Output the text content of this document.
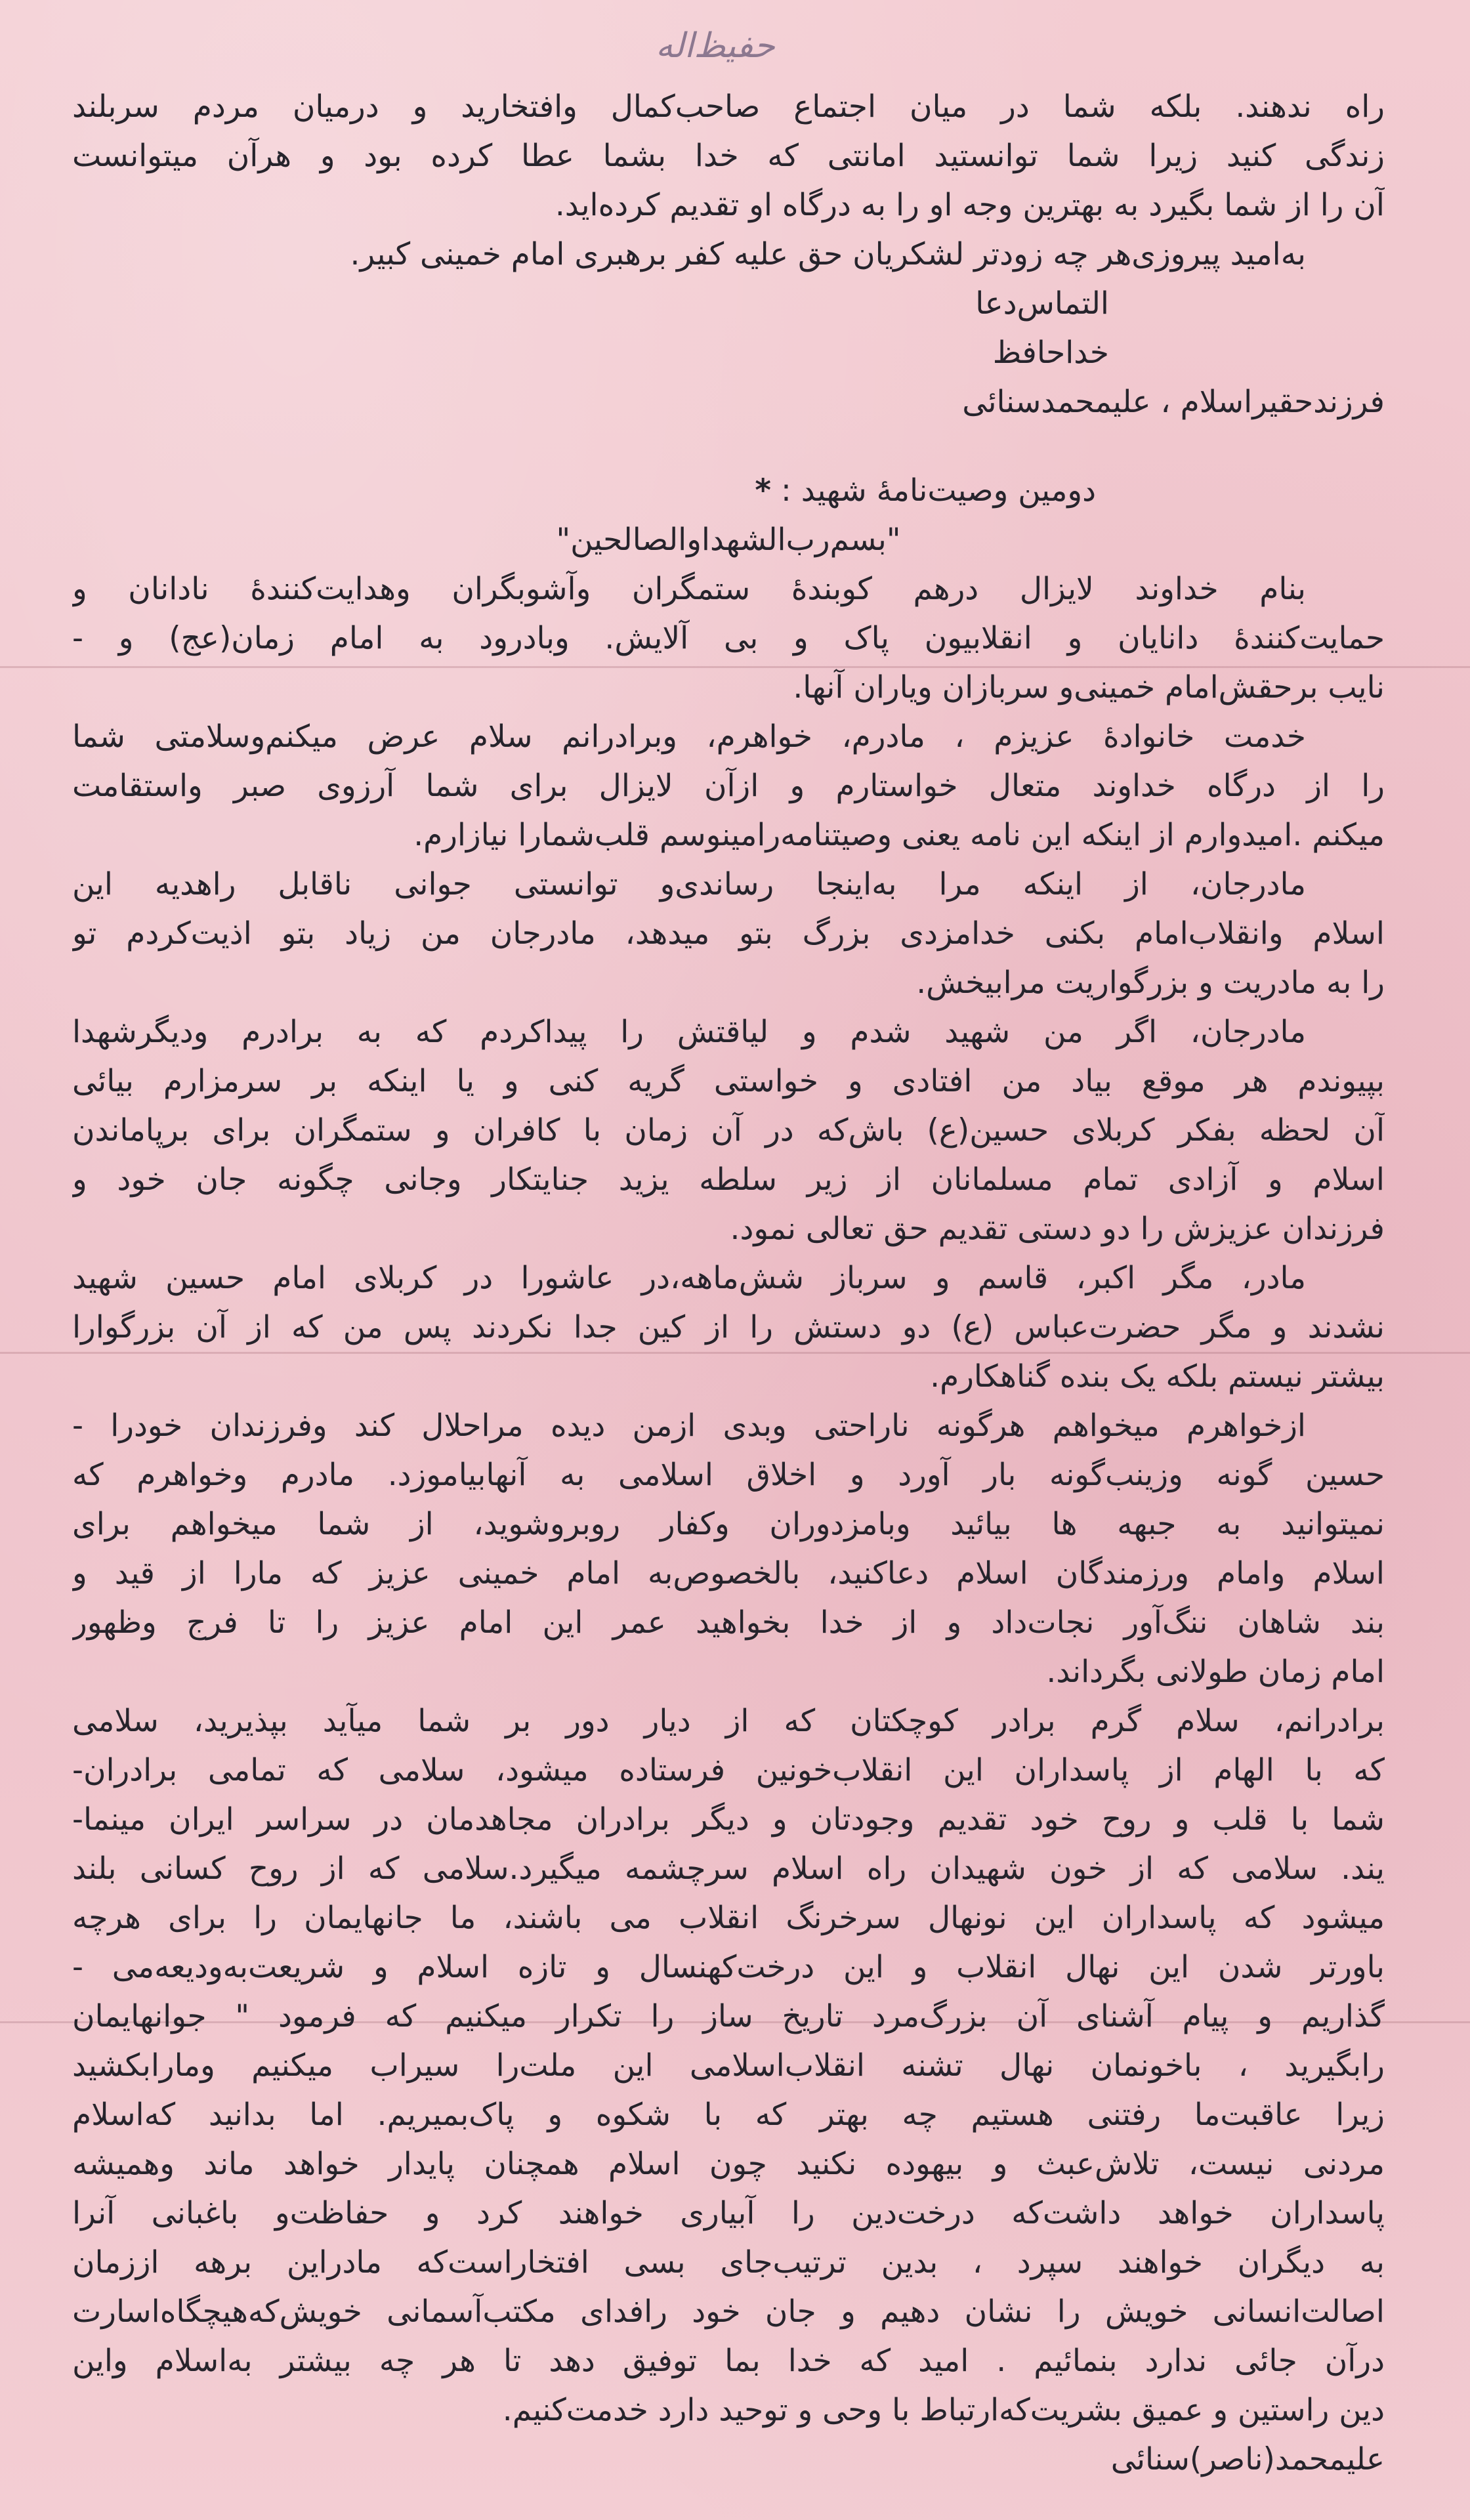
حفیظ‌اله
راه ندهند. بلکه شما در میان اجتماع صاحب‌کمال وافتخارید و درمیان مردم سربلند
زندگی کنید زیرا شما توانستید امانتی که خدا بشما عطا کرده بود و هرآن میتوانست
آن را از شما بگیرد به بهترین وجه او را به درگاه او تقدیم کرده‌اید.
به‌امید پیروزی‌هر چه زودتر لشکریان حق علیه کفر برهبری امام خمینی کبیر.
التماس‌دعا
خداحافظ
فرزندحقیراسلام ، علیمحمدسنائی
دومین وصیت‌نامهٔ شهید : *
"بسم‌رب‌الشهداوالصالحین"
بنام خداوند لایزال درهم کوبندهٔ ستمگران وآشوبگران وهدایت‌کنندهٔ نادانان و
حمایت‌کنندهٔ دانایان و انقلابیون پاک و بی آلایش. وبادرود به امام زمان(عج) و -
نایب برحقش‌امام خمینی‌و سربازان ویاران آنها.
خدمت خانوادهٔ عزیزم ، مادرم، خواهرم، وبرادرانم سلام عرض میکنم‌وسلامتی شما
را از درگاه خداوند متعال خواستارم و ازآن لایزال برای شما آرزوی صبر واستقامت
میکنم .امیدوارم از اینکه این نامه یعنی وصیتنامه‌رامینوسم قلب‌شمارا نیازارم.
مادرجان، از اینکه مرا به‌اینجا رساندی‌و توانستی جوانی ناقابل راهدیه این
اسلام وانقلاب‌امام بکنی خدامزدی بزرگ بتو میدهد، مادرجان من زیاد بتو اذیت‌کردم تو
را به مادریت و بزرگواریت مرابیخش.
مادرجان، اگر من شهید شدم و لیاقتش را پیداکردم که به برادرم ودیگرشهدا
بپیوندم هر موقع بیاد من افتادی و خواستی گریه کنی و یا اینکه بر سرمزارم بیائی
آن لحظه بفکر کربلای حسین(ع) باش‌که در آن زمان با کافران و ستمگران برای برپاماندن
اسلام و آزادی تمام مسلمانان از زیر سلطه یزید جنایتکار وجانی چگونه جان خود و
فرزندان عزیزش را دو دستی تقدیم حق تعالی نمود.
مادر، مگر اکبر، قاسم و سرباز شش‌ماهه،در عاشورا در کربلای امام حسین شهید
نشدند و مگر حضرت‌عباس (ع) دو دستش را از کین جدا نکردند پس من که از آن بزرگوارا
بیشتر نیستم بلکه یک بنده گناهکارم.
ازخواهرم میخواهم هرگونه ناراحتی وبدی ازمن دیده مراحلال کند وفرزندان خودرا -
حسین گونه وزینب‌گونه بار آورد و اخلاق اسلامی به آنهابیاموزد. مادرم وخواهرم که
نمیتوانید به جبهه ها بیائید وبامزدوران وکفار روبروشوید، از شما میخواهم برای
اسلام وامام ورزمندگان اسلام دعاکنید، بالخصوص‌به امام خمینی عزیز که مارا از قید و
بند شاهان ننگ‌آور نجات‌داد و از خدا بخواهید عمر این امام عزیز را تا فرج وظهور
امام زمان طولانی بگرداند.
برادرانم، سلام گرم برادر کوچکتان که از دیار دور بر شما میآید بپذیرید، سلامی
که با الهام از پاسداران این انقلاب‌خونین فرستاده میشود، سلامی که تمامی برادران-
شما با قلب و روح خود تقدیم وجودتان و دیگر برادران مجاهدمان در سراسر ایران مینما-
یند. سلامی که از خون شهیدان راه اسلام سرچشمه میگیرد.سلامی که از روح کسانی بلند
میشود که پاسداران این نونهال سرخرنگ انقلاب می باشند، ما جانهایمان را برای هرچه
باورتر شدن این نهال انقلاب و این درخت‌کهنسال و تازه اسلام و شریعت‌به‌ودیعه‌می -
گذاریم و پیام آشنای آن بزرگ‌مرد تاریخ ساز را تکرار میکنیم که فرمود " جوانهایمان
رابگیرید ، باخونمان نهال تشنه انقلاب‌اسلامی این ملت‌را سیراب میکنیم ومارابکشید
زیرا عاقبت‌ما رفتنی هستیم چه بهتر که با شکوه و پاک‌بمیریم. اما بدانید که‌اسلام
مردنی نیست، تلاش‌عبث و بیهوده نکنید چون اسلام همچنان پایدار خواهد ماند وهمیشه
پاسداران خواهد داشت‌که درخت‌دین را آبیاری خواهند کرد و حفاظت‌و باغبانی آنرا
به دیگران خواهند سپرد ، بدین ترتیب‌جای بسی افتخاراست‌که مادراین برهه اززمان
اصالت‌انسانی خویش را نشان دهیم و جان خود رافدای مکتب‌آسمانی خویش‌که‌هیچگاه‌اسارت
درآن جائی ندارد بنمائیم . امید که خدا بما توفیق دهد تا هر چه بیشتر به‌اسلام واین
دین راستین و عمیق بشریت‌که‌ارتباط با وحی و توحید دارد خدمت‌کنیم.
علیمحمد(ناصر)سنائی
